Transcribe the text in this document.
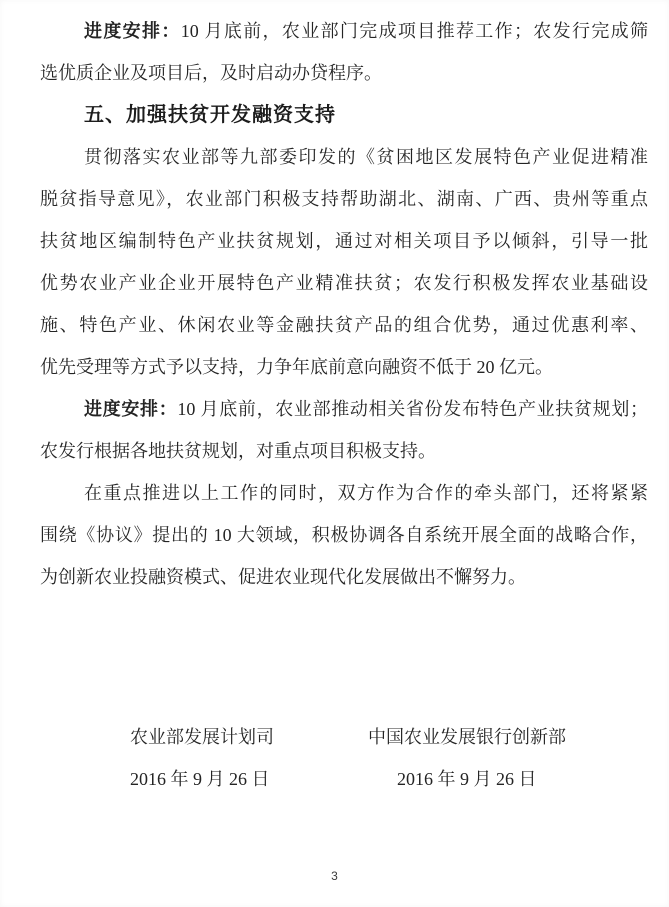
进度安排：10 月底前，农业部门完成项目推荐工作；农发行完成筛
选优质企业及项目后，及时启动办贷程序。
五、加强扶贫开发融资支持
贯彻落实农业部等九部委印发的《贫困地区发展特色产业促进精准
脱贫指导意见》，农业部门积极支持帮助湖北、湖南、广西、贵州等重点
扶贫地区编制特色产业扶贫规划，通过对相关项目予以倾斜，引导一批
优势农业产业企业开展特色产业精准扶贫；农发行积极发挥农业基础设
施、特色产业、休闲农业等金融扶贫产品的组合优势，通过优惠利率、
优先受理等方式予以支持，力争年底前意向融资不低于 20 亿元。
进度安排：10 月底前，农业部推动相关省份发布特色产业扶贫规划；
农发行根据各地扶贫规划，对重点项目积极支持。
在重点推进以上工作的同时，双方作为合作的牵头部门，还将紧紧
围绕《协议》提出的 10 大领域，积极协调各自系统开展全面的战略合作，
为创新农业投融资模式、促进农业现代化发展做出不懈努力。
农业部发展计划司	中国农业发展银行创新部
2016 年 9 月 26 日	2016 年 9 月 26 日
3
